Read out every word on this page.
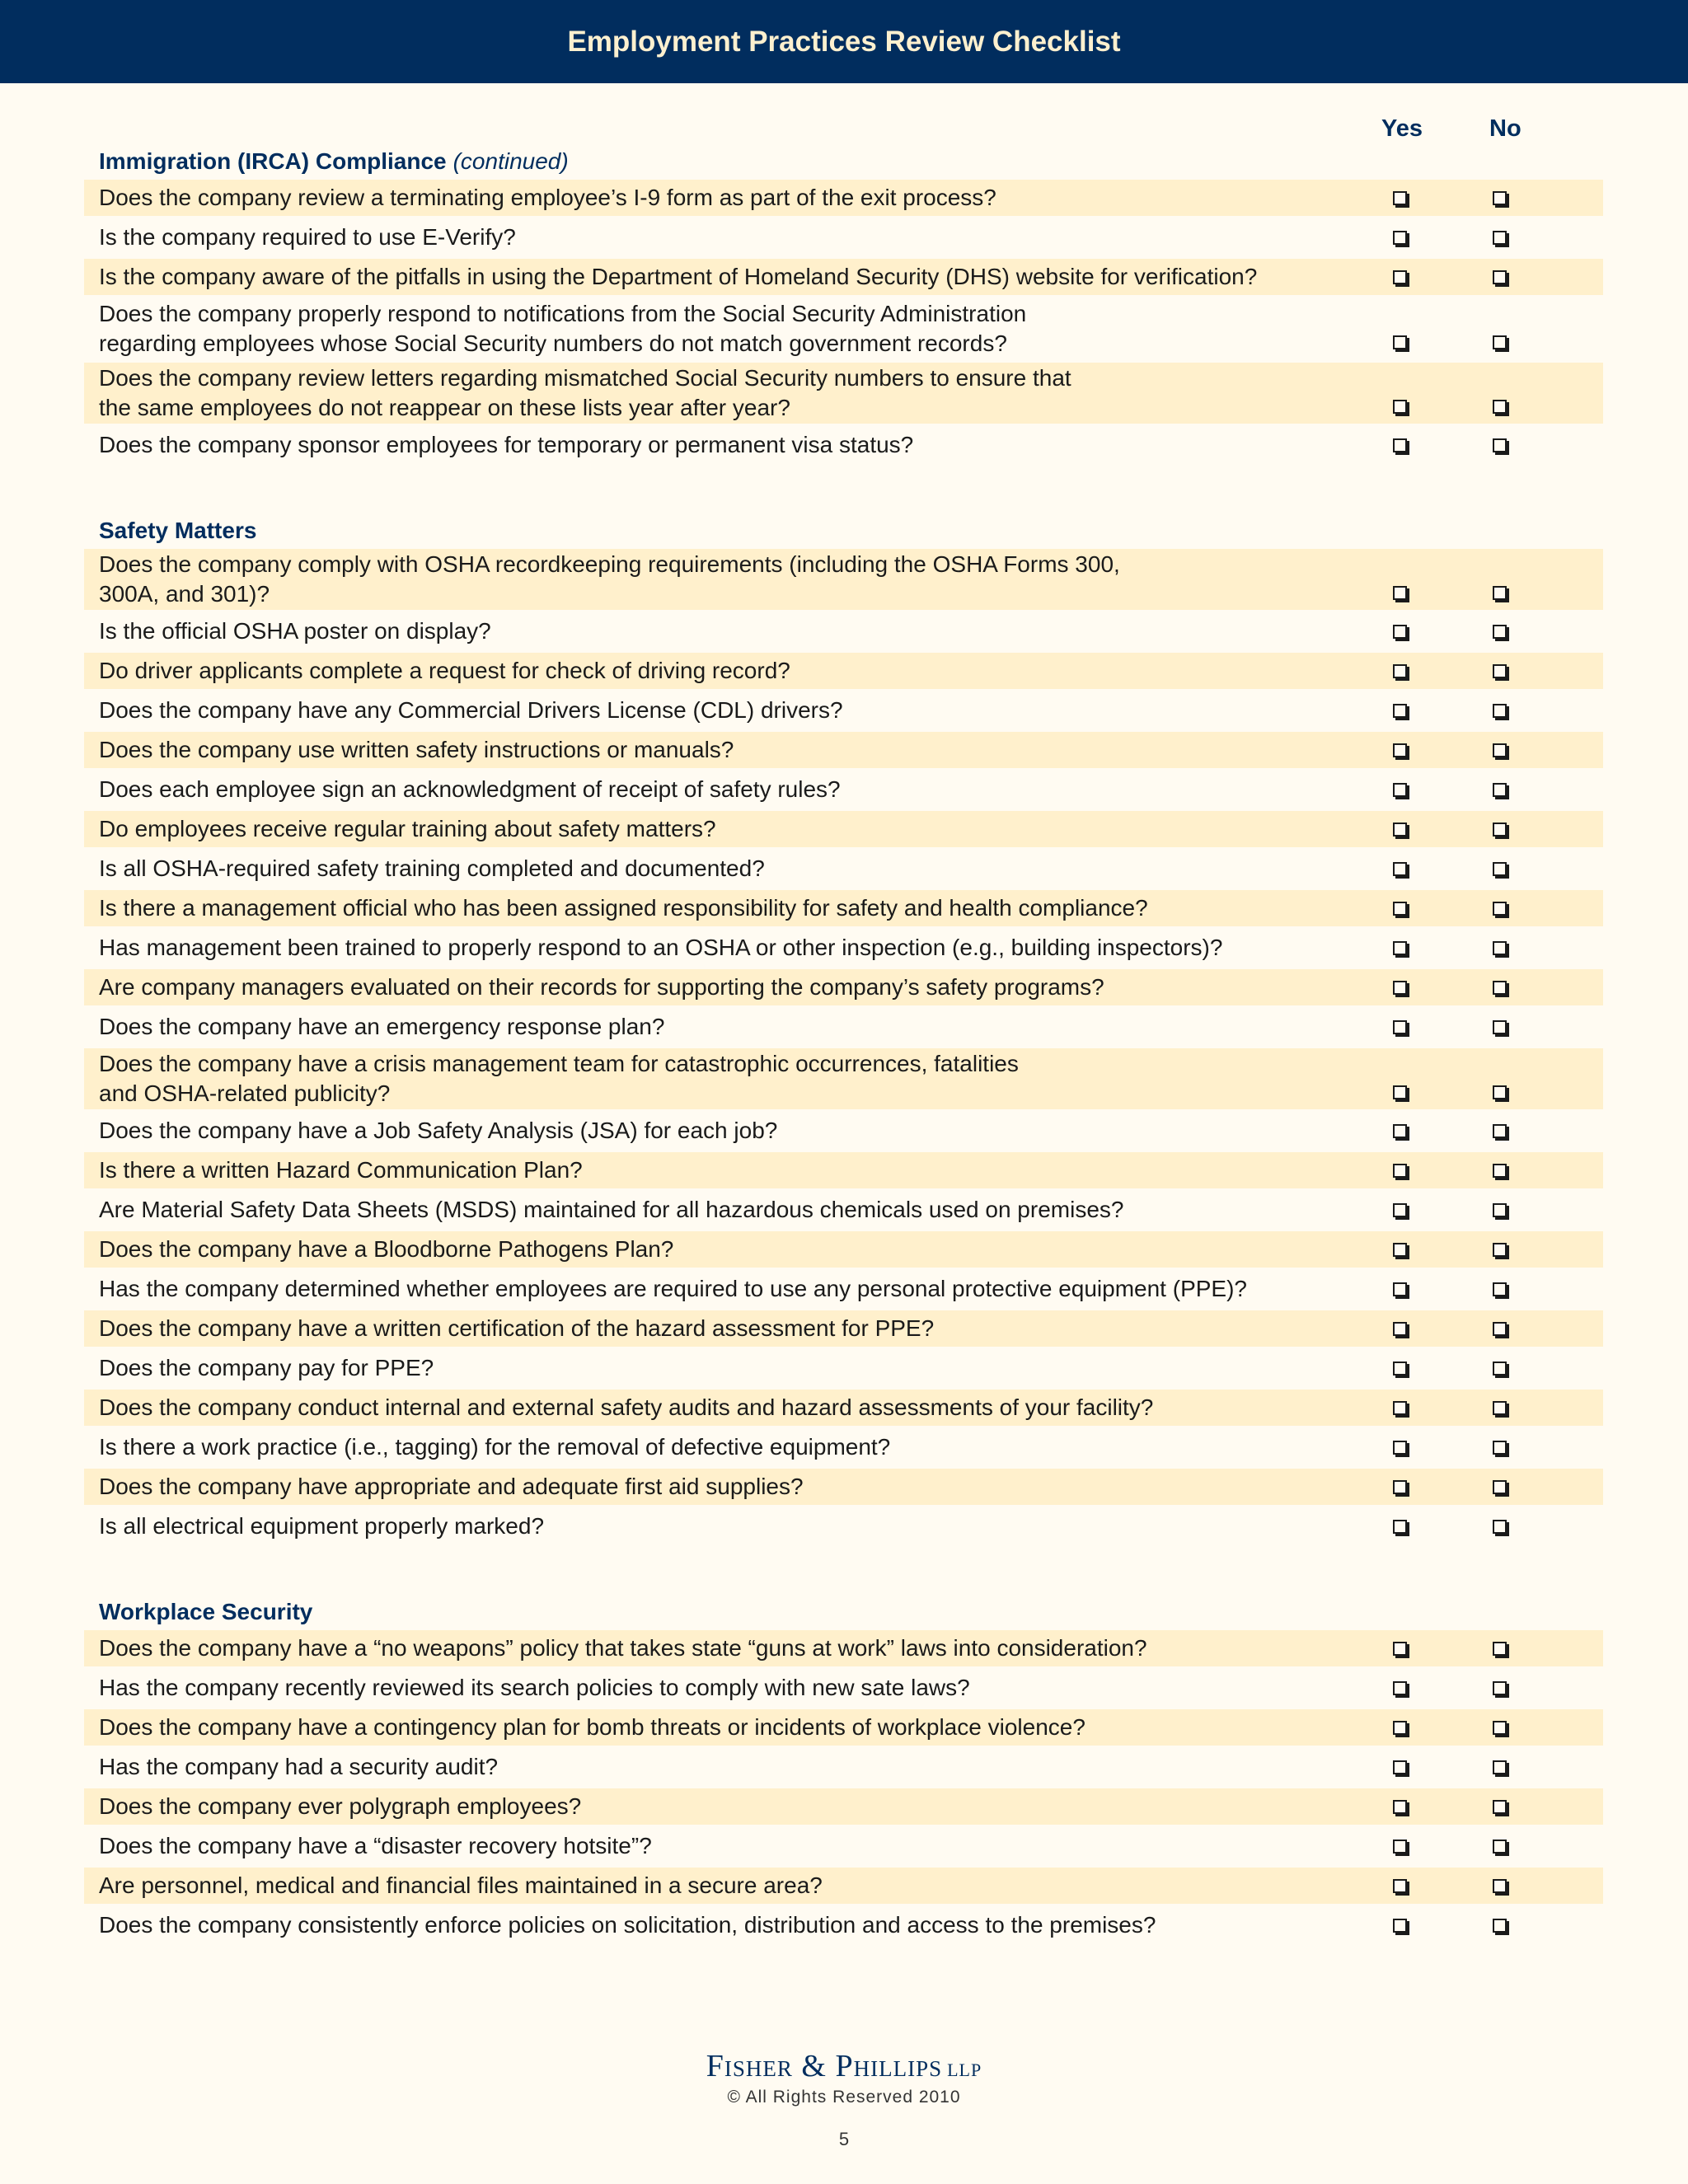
Employment Practices Review Checklist
Yes	No
Immigration (IRCA) Compliance (continued)
Does the company review a terminating employee’s I-9 form as part of the exit process?
Is the company required to use E-Verify?
Is the company aware of the pitfalls in using the Department of Homeland Security (DHS) website for verification?
Does the company properly respond to notifications from the Social Security Administration
regarding employees whose Social Security numbers do not match government records?
Does the company review letters regarding mismatched Social Security numbers to ensure that
the same employees do not reappear on these lists year after year?
Does the company sponsor employees for temporary or permanent visa status?
Safety Matters
Does the company comply with OSHA recordkeeping requirements (including the OSHA Forms 300,
300A, and 301)?
Is the official OSHA poster on display?
Do driver applicants complete a request for check of driving record?
Does the company have any Commercial Drivers License (CDL) drivers?
Does the company use written safety instructions or manuals?
Does each employee sign an acknowledgment of receipt of safety rules?
Do employees receive regular training about safety matters?
Is all OSHA-required safety training completed and documented?
Is there a management official who has been assigned responsibility for safety and health compliance?
Has management been trained to properly respond to an OSHA or other inspection (e.g., building inspectors)?
Are company managers evaluated on their records for supporting the company’s safety programs?
Does the company have an emergency response plan?
Does the company have a crisis management team for catastrophic occurrences, fatalities
and OSHA-related publicity?
Does the company have a Job Safety Analysis (JSA) for each job?
Is there a written Hazard Communication Plan?
Are Material Safety Data Sheets (MSDS) maintained for all hazardous chemicals used on premises?
Does the company have a Bloodborne Pathogens Plan?
Has the company determined whether employees are required to use any personal protective equipment (PPE)?
Does the company have a written certification of the hazard assessment for PPE?
Does the company pay for PPE?
Does the company conduct internal and external safety audits and hazard assessments of your facility?
Is there a work practice (i.e., tagging) for the removal of defective equipment?
Does the company have appropriate and adequate first aid supplies?
Is all electrical equipment properly marked?
Workplace Security
Does the company have a “no weapons” policy that takes state “guns at work” laws into consideration?
Has the company recently reviewed its search policies to comply with new sate laws?
Does the company have a contingency plan for bomb threats or incidents of workplace violence?
Has the company had a security audit?
Does the company ever polygraph employees?
Does the company have a “disaster recovery hotsite”?
Are personnel, medical and financial files maintained in a secure area?
Does the company consistently enforce policies on solicitation, distribution and access to the premises?
Fisher & Phillips LLP
© All Rights Reserved 2010
5
